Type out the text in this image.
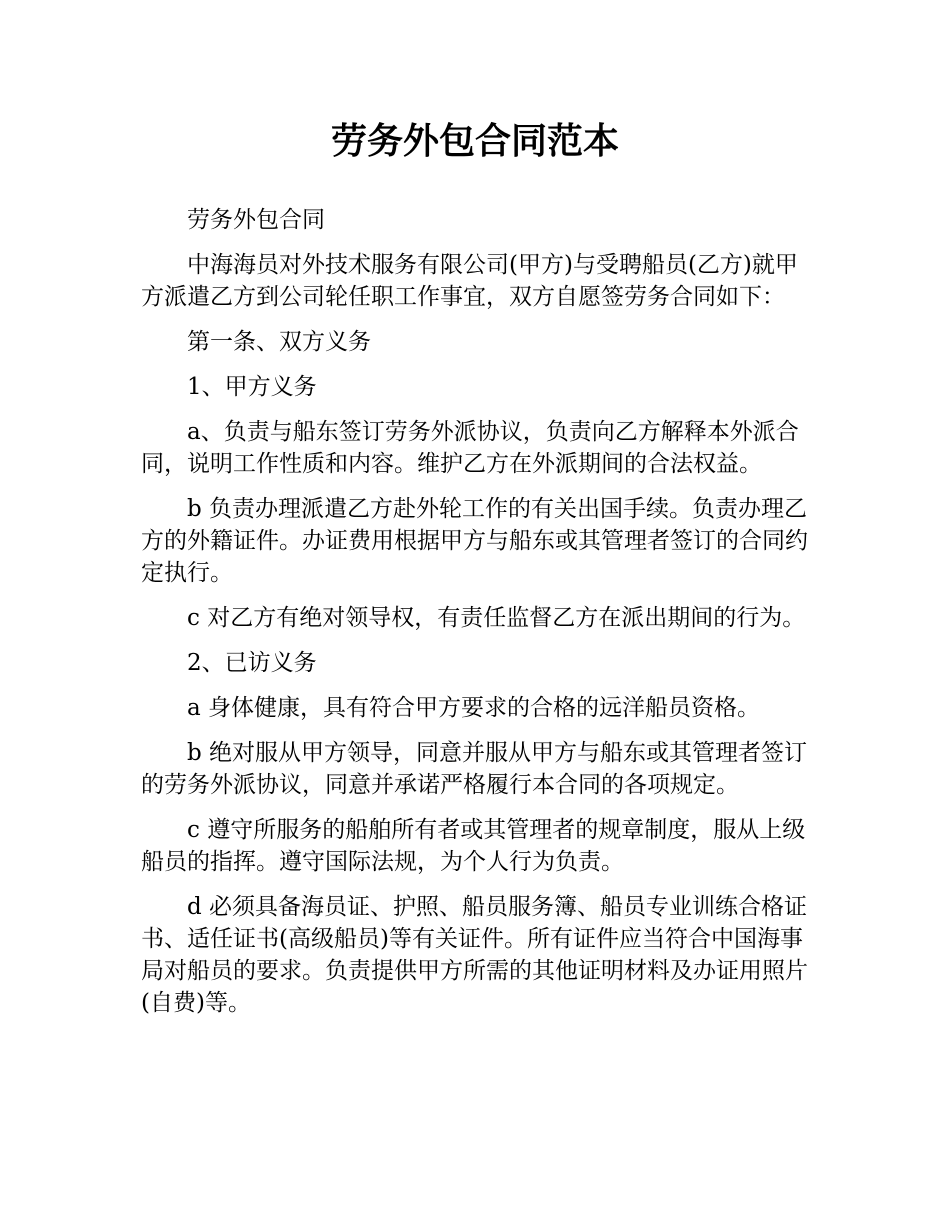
劳务外包合同范本

劳务外包合同

中海海员对外技术服务有限公司(甲方)与受聘船员(乙方)就甲方派遣乙方到公司轮任职工作事宜，双方自愿签劳务合同如下：

第一条、双方义务

1、甲方义务

a、负责与船东签订劳务外派协议，负责向乙方解释本外派合同，说明工作性质和内容。维护乙方在外派期间的合法权益。

b 负责办理派遣乙方赴外轮工作的有关出国手续。负责办理乙方的外籍证件。办证费用根据甲方与船东或其管理者签订的合同约定执行。

c 对乙方有绝对领导权，有责任监督乙方在派出期间的行为。

2、已访义务

a 身体健康，具有符合甲方要求的合格的远洋船员资格。

b 绝对服从甲方领导，同意并服从甲方与船东或其管理者签订的劳务外派协议，同意并承诺严格履行本合同的各项规定。

c 遵守所服务的船舶所有者或其管理者的规章制度，服从上级船员的指挥。遵守国际法规，为个人行为负责。

d 必须具备海员证、护照、船员服务簿、船员专业训练合格证书、适任证书(高级船员)等有关证件。所有证件应当符合中国海事局对船员的要求。负责提供甲方所需的其他证明材料及办证用照片(自费)等。
